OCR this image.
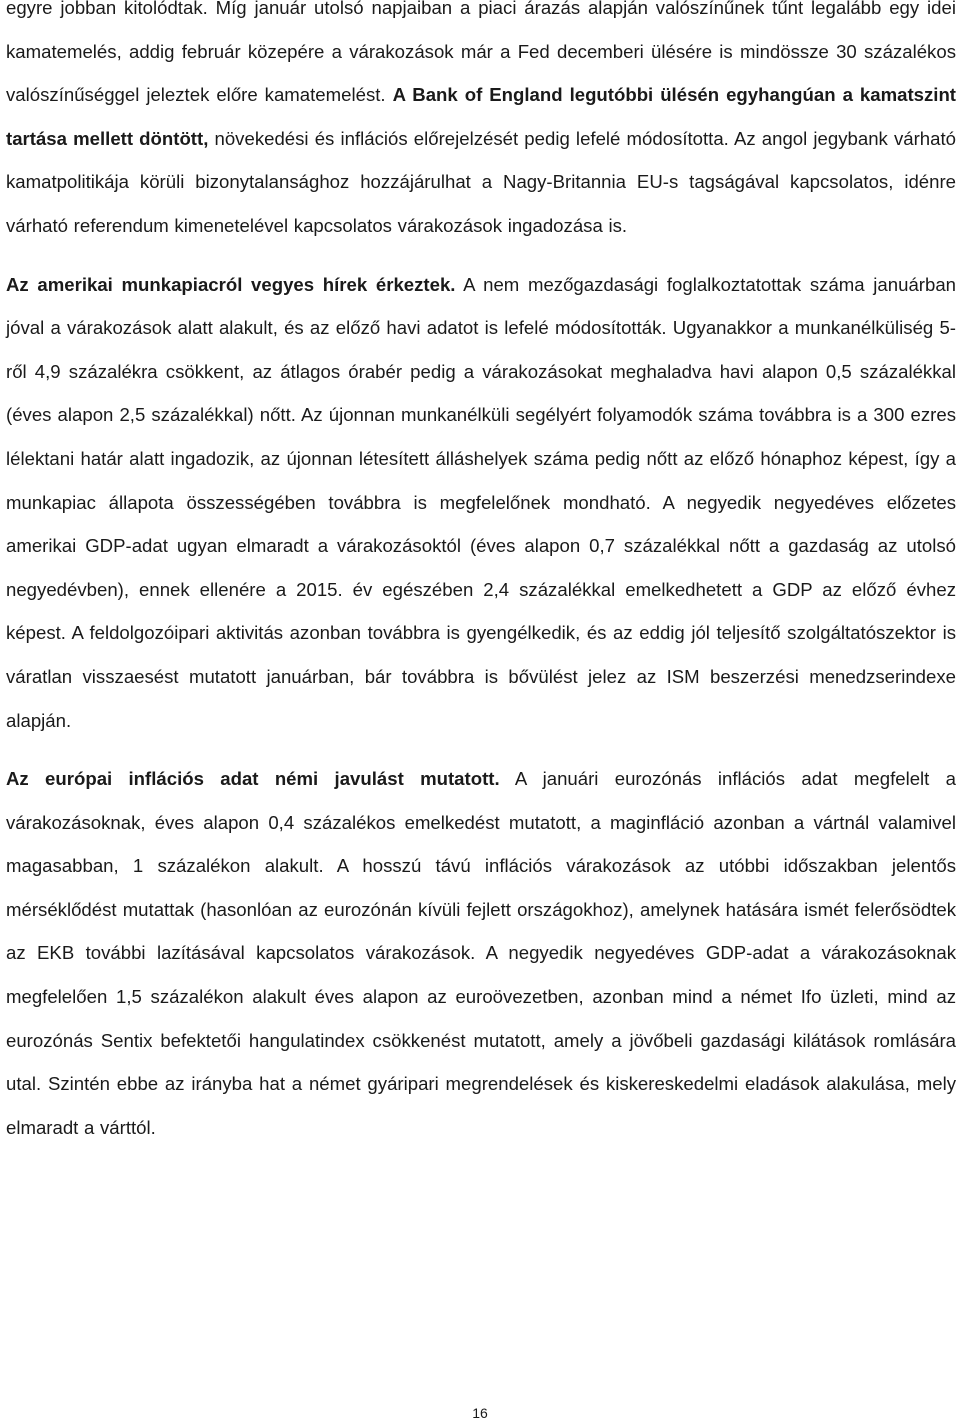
egyre jobban kitolódtak. Míg január utolsó napjaiban a piaci árazás alapján valószínűnek tűnt legalább egy idei kamatemelés, addig február közepére a várakozások már a Fed decemberi ülésére is mindössze 30 százalékos valószínűséggel jeleztek előre kamatemelést. A Bank of England legutóbbi ülésén egyhangúan a kamatszint tartása mellett döntött, növekedési és inflációs előrejelzését pedig lefelé módosította. Az angol jegybank várható kamatpolitikája körüli bizonytalansághoz hozzájárulhat a Nagy-Britannia EU-s tagságával kapcsolatos, idénre várható referendum kimenetelével kapcsolatos várakozások ingadozása is.

Az amerikai munkapiacról vegyes hírek érkeztek. A nem mezőgazdasági foglalkoztatottak száma januárban jóval a várakozások alatt alakult, és az előző havi adatot is lefelé módosították. Ugyanakkor a munkanélküliség 5-ről 4,9 százalékra csökkent, az átlagos órabér pedig a várakozásokat meghaladva havi alapon 0,5 százalékkal (éves alapon 2,5 százalékkal) nőtt. Az újonnan munkanélküli segélyért folyamodók száma továbbra is a 300 ezres lélektani határ alatt ingadozik, az újonnan létesített álláshelyek száma pedig nőtt az előző hónaphoz képest, így a munkapiac állapota összességében továbbra is megfelelőnek mondható. A negyedik negyedéves előzetes amerikai GDP-adat ugyan elmaradt a várakozásoktól (éves alapon 0,7 százalékkal nőtt a gazdaság az utolsó negyedévben), ennek ellenére a 2015. év egészében 2,4 százalékkal emelkedhetett a GDP az előző évhez képest. A feldolgozóipari aktivitás azonban továbbra is gyengélkedik, és az eddig jól teljesítő szolgáltatószektor is váratlan visszaesést mutatott januárban, bár továbbra is bővülést jelez az ISM beszerzési menedzserindexe alapján.

Az európai inflációs adat némi javulást mutatott. A januári eurozónás inflációs adat megfelelt a várakozásoknak, éves alapon 0,4 százalékos emelkedést mutatott, a maginfláció azonban a vártnál valamivel magasabban, 1 százalékon alakult. A hosszú távú inflációs várakozások az utóbbi időszakban jelentős mérséklődést mutattak (hasonlóan az eurozónán kívüli fejlett országokhoz), amelynek hatására ismét felerősödtek az EKB további lazításával kapcsolatos várakozások. A negyedik negyedéves GDP-adat a várakozásoknak megfelelően 1,5 százalékon alakult éves alapon az euroövezetben, azonban mind a német Ifo üzleti, mind az eurozónás Sentix befektetői hangulatindex csökkenést mutatott, amely a jövőbeli gazdasági kilátások romlására utal. Szintén ebbe az irányba hat a német gyáripari megrendelések és kiskereskedelmi eladások alakulása, mely elmaradt a várttól.

16
